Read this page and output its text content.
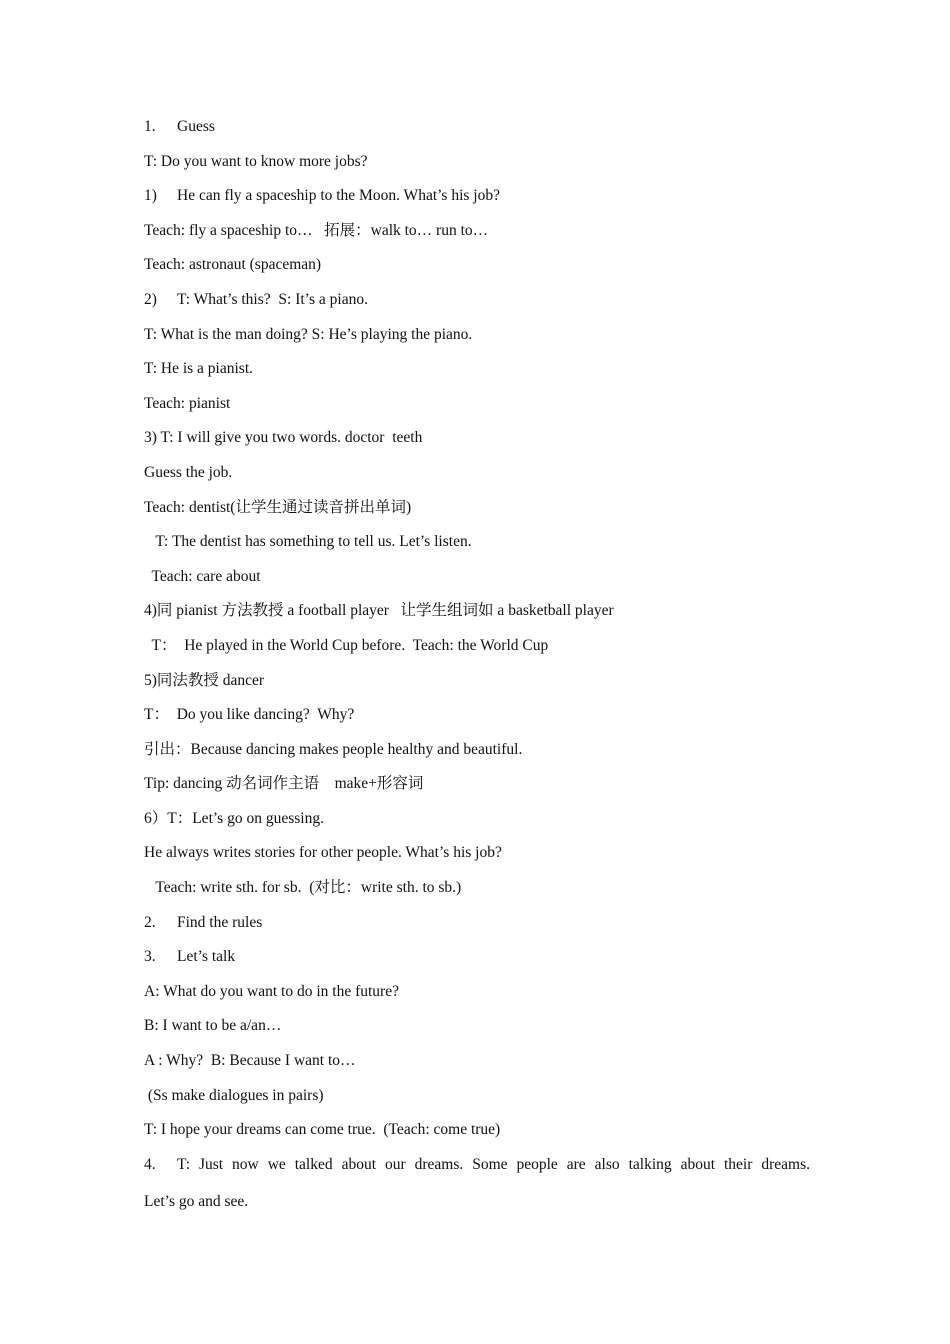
1. Guess
T: Do you want to know more jobs?
1) He can fly a spaceship to the Moon. What’s his job?
Teach: fly a spaceship to…   拓展：walk to… run to…
Teach: astronaut (spaceman)
2) T: What’s this?  S: It’s a piano.
T: What is the man doing? S: He’s playing the piano.
T: He is a pianist.
Teach: pianist
3) T: I will give you two words. doctor  teeth
Guess the job.
Teach: dentist(让学生通过读音拼出单词)
T: The dentist has something to tell us. Let’s listen.
Teach: care about
4)同 pianist 方法教授 a football player   让学生组词如 a basketball player
T：  He played in the World Cup before.  Teach: the World Cup
5)同法教授 dancer
T：  Do you like dancing?  Why?
引出：Because dancing makes people healthy and beautiful.
Tip: dancing 动名词作主语    make+形容词
6）T：Let’s go on guessing.
He always writes stories for other people. What’s his job?
Teach: write sth. for sb.  (对比：write sth. to sb.)
2. Find the rules
3. Let’s talk
A: What do you want to do in the future?
B: I want to be a/an…
A : Why?  B: Because I want to…
(Ss make dialogues in pairs)
T: I hope your dreams can come true.  (Teach: come true)
4. T: Just now we talked about our dreams. Some people are also talking about their dreams.
Let’s go and see.
